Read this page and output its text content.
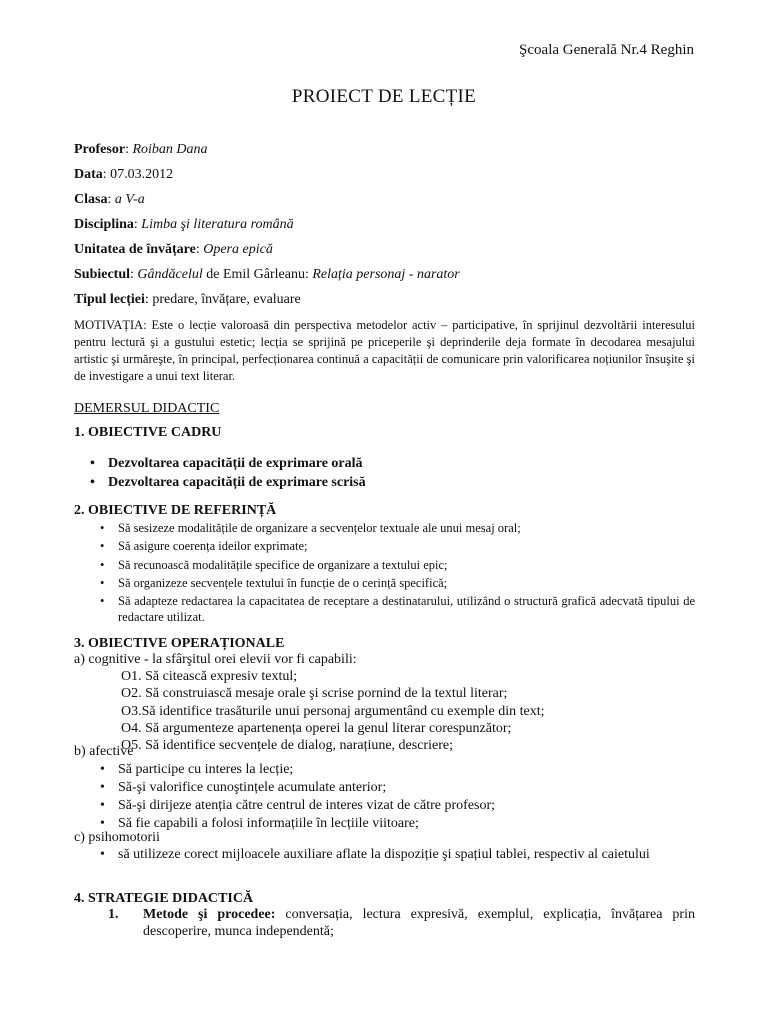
Şcoala Generală Nr.4 Reghin
PROIECT DE LECȚIE
Profesor: Roiban Dana
Data: 07.03.2012
Clasa: a V-a
Disciplina: Limba şi literatura română
Unitatea de învățare: Opera epică
Subiectul: Gândăcelul de Emil Gârleanu: Relația personaj - narator
Tipul lecției: predare, învățare, evaluare
MOTIVAȚIA: Este o lecție valoroasă din perspectiva metodelor activ – participative, în sprijinul dezvoltării interesului pentru lectură şi a gustului estetic; lecția se sprijină pe priceperile şi deprinderile deja formate în decodarea mesajului artistic şi urmăreşte, în principal, perfecționarea continuă a capacității de comunicare prin valorificarea noțiunilor însuşite şi de investigare a unui text literar.
DEMERSUL DIDACTIC
1. OBIECTIVE CADRU
• Dezvoltarea capacității de exprimare orală
• Dezvoltarea capacității de exprimare scrisă
2. OBIECTIVE DE REFERINȚĂ
• Să sesizeze modalitățile de organizare a secvențelor textuale ale unui mesaj oral;
• Să asigure coerența ideilor exprimate;
• Să recunoască modalitățile specifice de organizare a textului epic;
• Să organizeze secvențele textului în funcție de o cerință specifică;
• Să adapteze redactarea la capacitatea de receptare a destinatarului, utilizând o structură grafică adecvată tipului de redactare utilizat.
3. OBIECTIVE OPERAȚIONALE
a) cognitive - la sfârşitul orei elevii vor fi capabili:
O1. Să citească expresiv textul;
O2. Să construiască mesaje orale şi scrise pornind de la textul literar;
O3.Să identifice trasăturile unui personaj argumentând cu exemple din text;
O4. Să argumenteze apartenența operei la genul literar corespunzător;
O5. Să identifice secvențele de dialog, narațiune, descriere;
b) afective
• Să participe cu interes la lecție;
• Să-şi valorifice cunoştințele acumulate anterior;
• Să-şi dirijeze atenția către centrul de interes vizat de către profesor;
• Să fie capabili a folosi informațiile în lecțiile viitoare;
c) psihomotorii
• să utilizeze corect mijloacele auxiliare aflate la dispoziție şi spațiul tablei, respectiv al caietului
4. STRATEGIE DIDACTICĂ
1.	Metode şi procedee: conversația, lectura expresivă, exemplul, explicația, învățarea prin descoperire, munca independentă;
